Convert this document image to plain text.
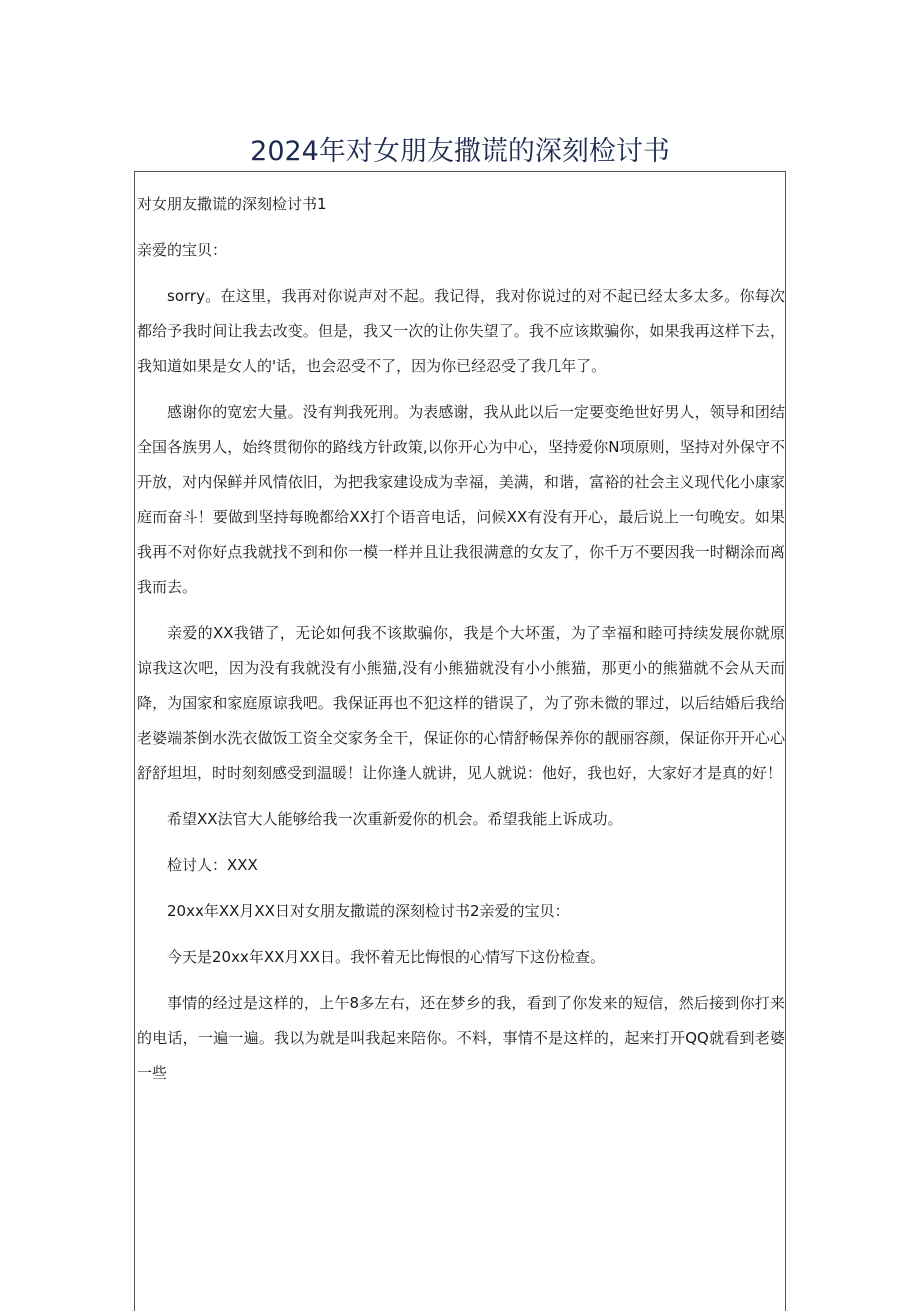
2024年对女朋友撒谎的深刻检讨书

对女朋友撒谎的深刻检讨书1

亲爱的宝贝：

sorry。在这里，我再对你说声对不起。我记得，我对你说过的对不起已经太多太多。你每次都给予我时间让我去改变。但是，我又一次的让你失望了。我不应该欺骗你，如果我再这样下去，我知道如果是女人的'话，也会忍受不了，因为你已经忍受了我几年了。

感谢你的宽宏大量。没有判我死刑。为表感谢，我从此以后一定要变绝世好男人，领导和团结全国各族男人，始终贯彻你的路线方针政策,以你开心为中心，坚持爱你N项原则，坚持对外保守不开放，对内保鲜并风情依旧，为把我家建设成为幸福，美满，和谐，富裕的社会主义现代化小康家庭而奋斗！要做到坚持每晚都给XX打个语音电话，问候XX有没有开心，最后说上一句晚安。如果我再不对你好点我就找不到和你一模一样并且让我很满意的女友了，你千万不要因我一时糊涂而离我而去。

亲爱的XX我错了，无论如何我不该欺骗你，我是个大坏蛋，为了幸福和睦可持续发展你就原谅我这次吧，因为没有我就没有小熊猫,没有小熊猫就没有小小熊猫，那更小的熊猫就不会从天而降，为国家和家庭原谅我吧。我保证再也不犯这样的错误了，为了弥未微的罪过，以后结婚后我给老婆端茶倒水洗衣做饭工资全交家务全干，保证你的心情舒畅保养你的靓丽容颜，保证你开开心心舒舒坦坦，时时刻刻感受到温暖！让你逢人就讲，见人就说：他好，我也好，大家好才是真的好！

希望XX法官大人能够给我一次重新爱你的机会。希望我能上诉成功。

检讨人：XXX

20xx年XX月XX日对女朋友撒谎的深刻检讨书2亲爱的宝贝：

今天是20xx年XX月XX日。我怀着无比悔恨的心情写下这份检查。

事情的经过是这样的，上午8多左右，还在梦乡的我，看到了你发来的短信，然后接到你打来的电话，一遍一遍。我以为就是叫我起来陪你。不料，事情不是这样的，起来打开QQ就看到老婆一些
